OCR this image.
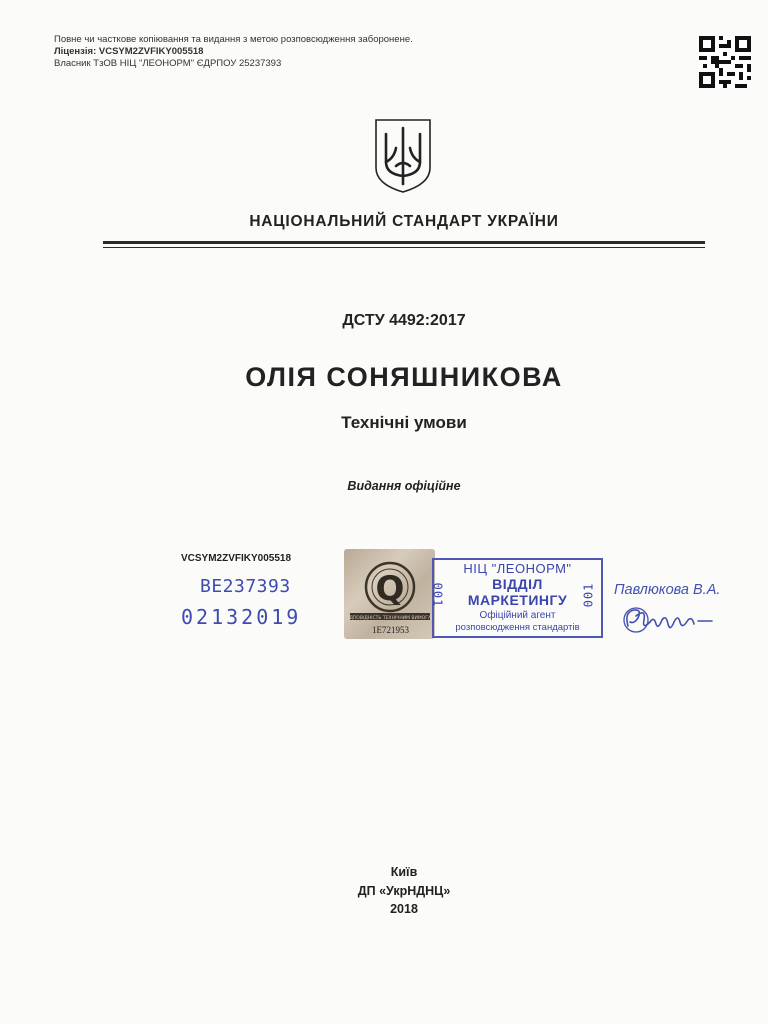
Повне чи часткове копіювання та видання з метою розповсюдження заборонене.
Ліцензія: VCSYM2ZVFIKY005518
Власник ТзОВ НІЦ "ЛЕОНОРМ" ЄДРПОУ 25237393
НАЦІОНАЛЬНИЙ СТАНДАРТ УКРАЇНИ
ДСТУ 4492:2017
ОЛІЯ СОНЯШНИКОВА
Технічні умови
Видання офіційне
VCSYM2ZVFIKY005518
BE237393
02132019
Q
ВІДПОВІДНІСТЬ ТЕХНІЧНИМ ВИМОГАМ
1E721953
НІЦ "ЛЕОНОРМ"
ВІДДІЛ
МАРКЕТИНГУ
Офіційний агент
розповсюдження стандартів
001	001 Павлюкова В.А.
Київ
ДП «УкрНДНЦ»
2018
